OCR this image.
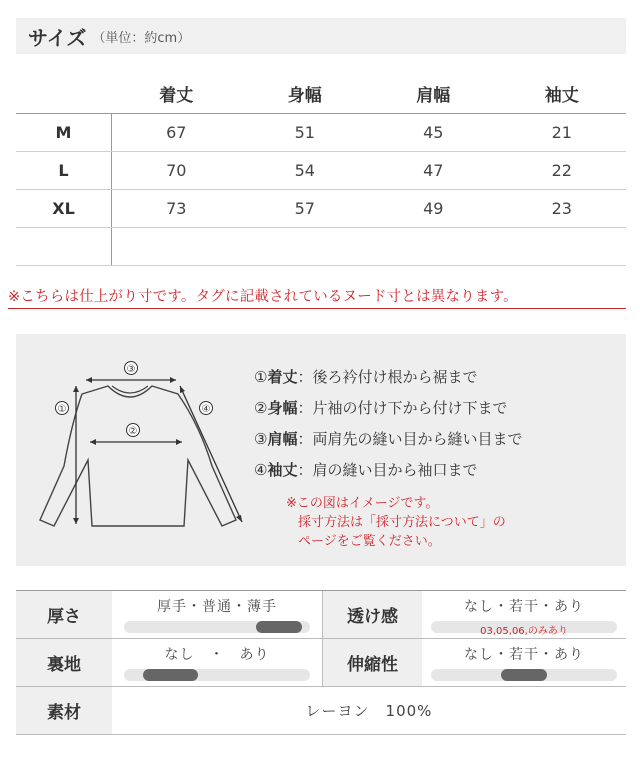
サイズ （単位：約cm）
着丈	身幅	肩幅	袖丈
M	67	51	45	21
L	70	54	47	22
XL	73	57	49	23
※こちらは仕上がり寸です。タグに記載されているヌード寸とは異なります。
③
②
①	④
①着丈：後ろ衿付け根から裾まで
②身幅：片袖の付け下から付け下まで
③肩幅：両肩先の縫い目から縫い目まで
④袖丈：肩の縫い目から袖口まで
※この図はイメージです。
採寸方法は「採寸方法について」の
ページをご覧ください。
厚さ	厚手・普通・薄手	透け感	なし・若干・あり
03,05,06,のみあり
裏地	なし　・　あり	伸縮性	なし・若干・あり
素材	レーヨン　100%
